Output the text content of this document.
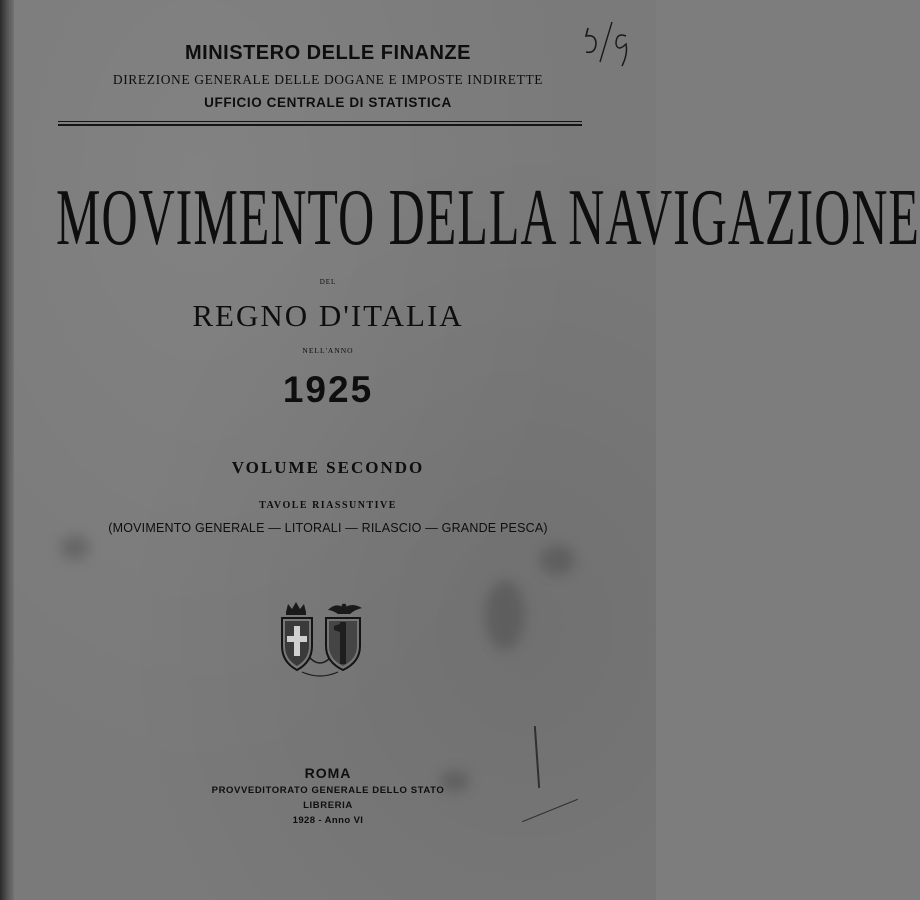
MINISTERO DELLE FINANZE
DIREZIONE GENERALE DELLE DOGANE E IMPOSTE INDIRETTE
UFFICIO CENTRALE DI STATISTICA
MOVIMENTO DELLA NAVIGAZIONE
DEL
REGNO D'ITALIA
NELL'ANNO
1925
VOLUME SECONDO
TAVOLE RIASSUNTIVE
(MOVIMENTO GENERALE — LITORALI — RILASCIO — GRANDE PESCA)
ROMA
PROVVEDITORATO GENERALE DELLO STATO
LIBRERIA
1928 - Anno VI
